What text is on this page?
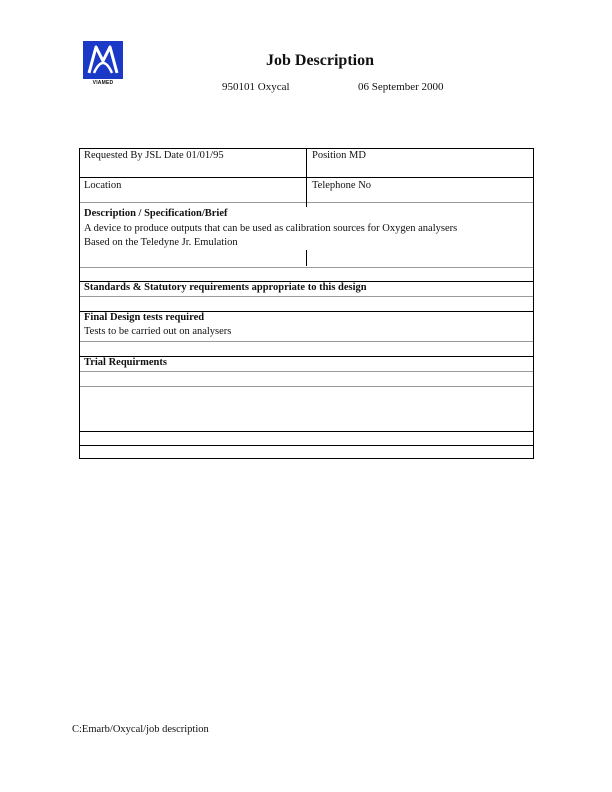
VIAMED
Job Description
950101 Oxycal	06 September 2000
Requested By JSL Date 01/01/95	Position MD
Location	Telephone No
Description / Specification/Brief
A device to produce outputs that can be used as calibration sources for Oxygen analysers
Based on the Teledyne Jr. Emulation
Standards & Statutory requirements appropriate to this design
Final Design tests required
Tests to be carried out on analysers
Trial Requirments
C:Emarb/Oxycal/job description
